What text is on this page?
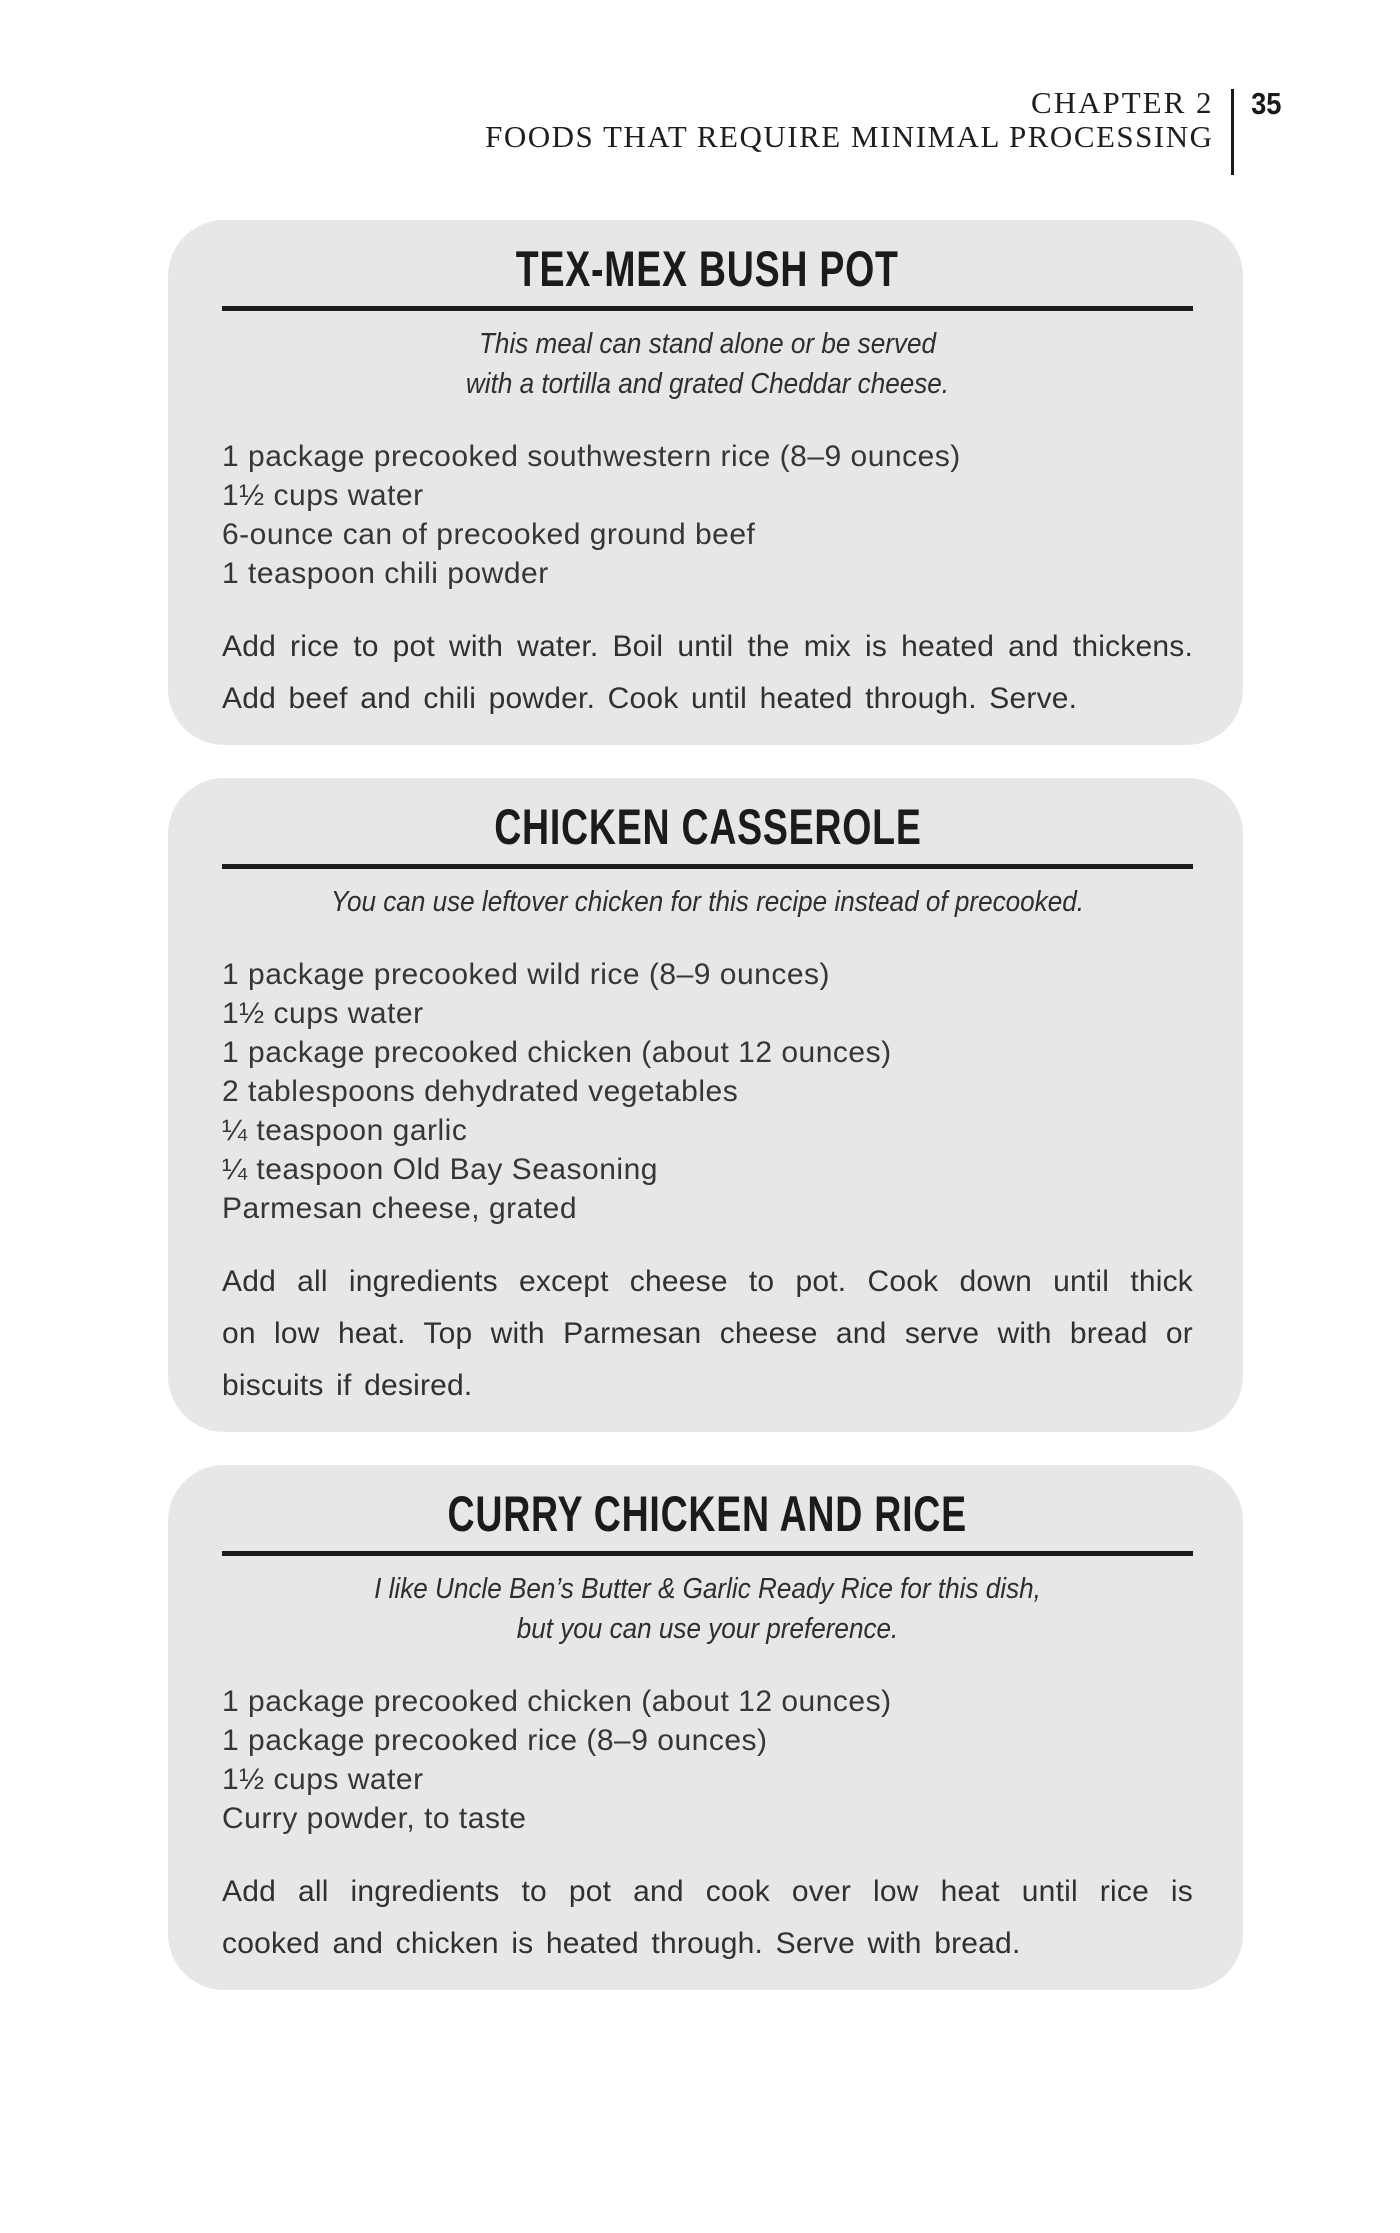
CHAPTER 2
FOODS THAT REQUIRE MINIMAL PROCESSING
35
TEX-MEX BUSH POT
This meal can stand alone or be served
with a tortilla and grated Cheddar cheese.
1 package precooked southwestern rice (8–9 ounces)
1½ cups water
6-ounce can of precooked ground beef
1 teaspoon chili powder
Add rice to pot with water. Boil until the mix is heated and thickens.
Add beef and chili powder. Cook until heated through. Serve.
CHICKEN CASSEROLE
You can use leftover chicken for this recipe instead of precooked.
1 package precooked wild rice (8–9 ounces)
1½ cups water
1 package precooked chicken (about 12 ounces)
2 tablespoons dehydrated vegetables
¼ teaspoon garlic
¼ teaspoon Old Bay Seasoning
Parmesan cheese, grated
Add all ingredients except cheese to pot. Cook down until thick
on low heat. Top with Parmesan cheese and serve with bread or
biscuits if desired.
CURRY CHICKEN AND RICE
I like Uncle Ben’s Butter & Garlic Ready Rice for this dish,
but you can use your preference.
1 package precooked chicken (about 12 ounces)
1 package precooked rice (8–9 ounces)
1½ cups water
Curry powder, to taste
Add all ingredients to pot and cook over low heat until rice is
cooked and chicken is heated through. Serve with bread.
